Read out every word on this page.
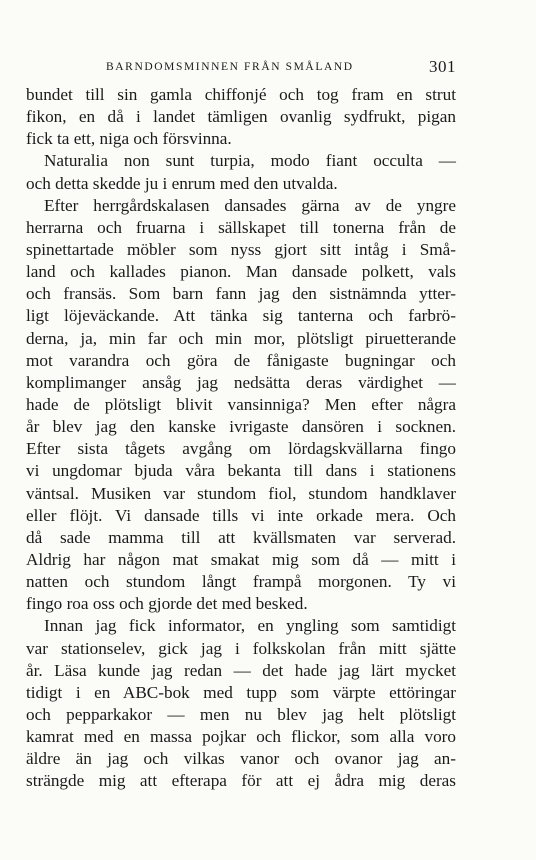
BARNDOMSMINNEN FRÅN SMÅLAND	301
bundet till sin gamla chiffonjé och tog fram en strut
fikon, en då i landet tämligen ovanlig sydfrukt, pigan
fick ta ett, niga och försvinna.
Naturalia non sunt turpia, modo fiant occulta —
och detta skedde ju i enrum med den utvalda.
Efter herrgårdskalasen dansades gärna av de yngre
herrarna och fruarna i sällskapet till tonerna från de
spinettartade möbler som nyss gjort sitt intåg i Små-
land och kallades pianon. Man dansade polkett, vals
och fransäs. Som barn fann jag den sistnämnda ytter-
ligt löjeväckande. Att tänka sig tanterna och farbrö-
derna, ja, min far och min mor, plötsligt piruetterande
mot varandra och göra de fånigaste bugningar och
komplimanger ansåg jag nedsätta deras värdighet —
hade de plötsligt blivit vansinniga? Men efter några
år blev jag den kanske ivrigaste dansören i socknen.
Efter sista tågets avgång om lördagskvällarna fingo
vi ungdomar bjuda våra bekanta till dans i stationens
väntsal. Musiken var stundom fiol, stundom handklaver
eller flöjt. Vi dansade tills vi inte orkade mera. Och
då sade mamma till att kvällsmaten var serverad.
Aldrig har någon mat smakat mig som då — mitt i
natten och stundom långt frampå morgonen. Ty vi
fingo roa oss och gjorde det med besked.
Innan jag fick informator, en yngling som samtidigt
var stationselev, gick jag i folkskolan från mitt sjätte
år. Läsa kunde jag redan — det hade jag lärt mycket
tidigt i en ABC-bok med tupp som värpte ettöringar
och pepparkakor — men nu blev jag helt plötsligt
kamrat med en massa pojkar och flickor, som alla voro
äldre än jag och vilkas vanor och ovanor jag an-
strängde mig att efterapa för att ej ådra mig deras
